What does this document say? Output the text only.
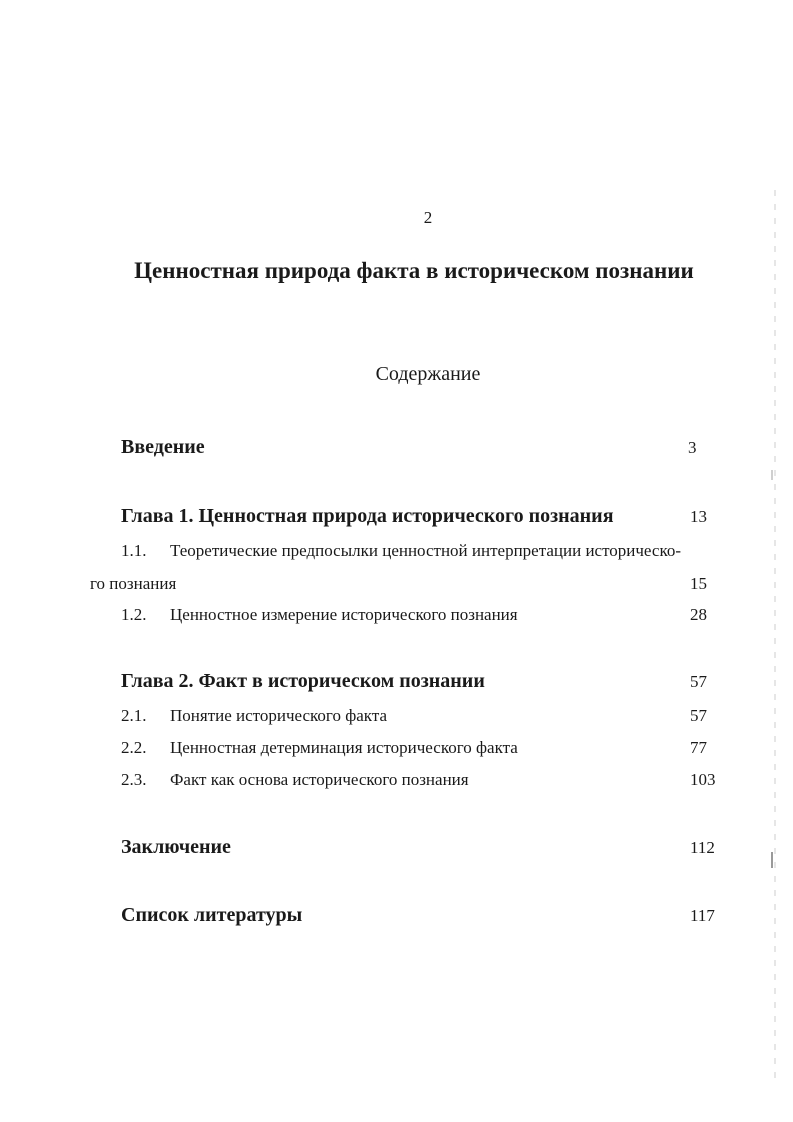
2
Ценностная природа факта в историческом познании
Содержание
Введение	3
Глава 1. Ценностная природа исторического познания	13
1.1. Теоретические предпосылки ценностной интерпретации историческо-
го познания	15
1.2. Ценностное измерение исторического познания	28
Глава 2. Факт в историческом познании	57
2.1. Понятие исторического факта	57
2.2. Ценностная детерминация исторического факта	77
2.3. Факт как основа исторического познания	103
Заключение	112
Список литературы	117
